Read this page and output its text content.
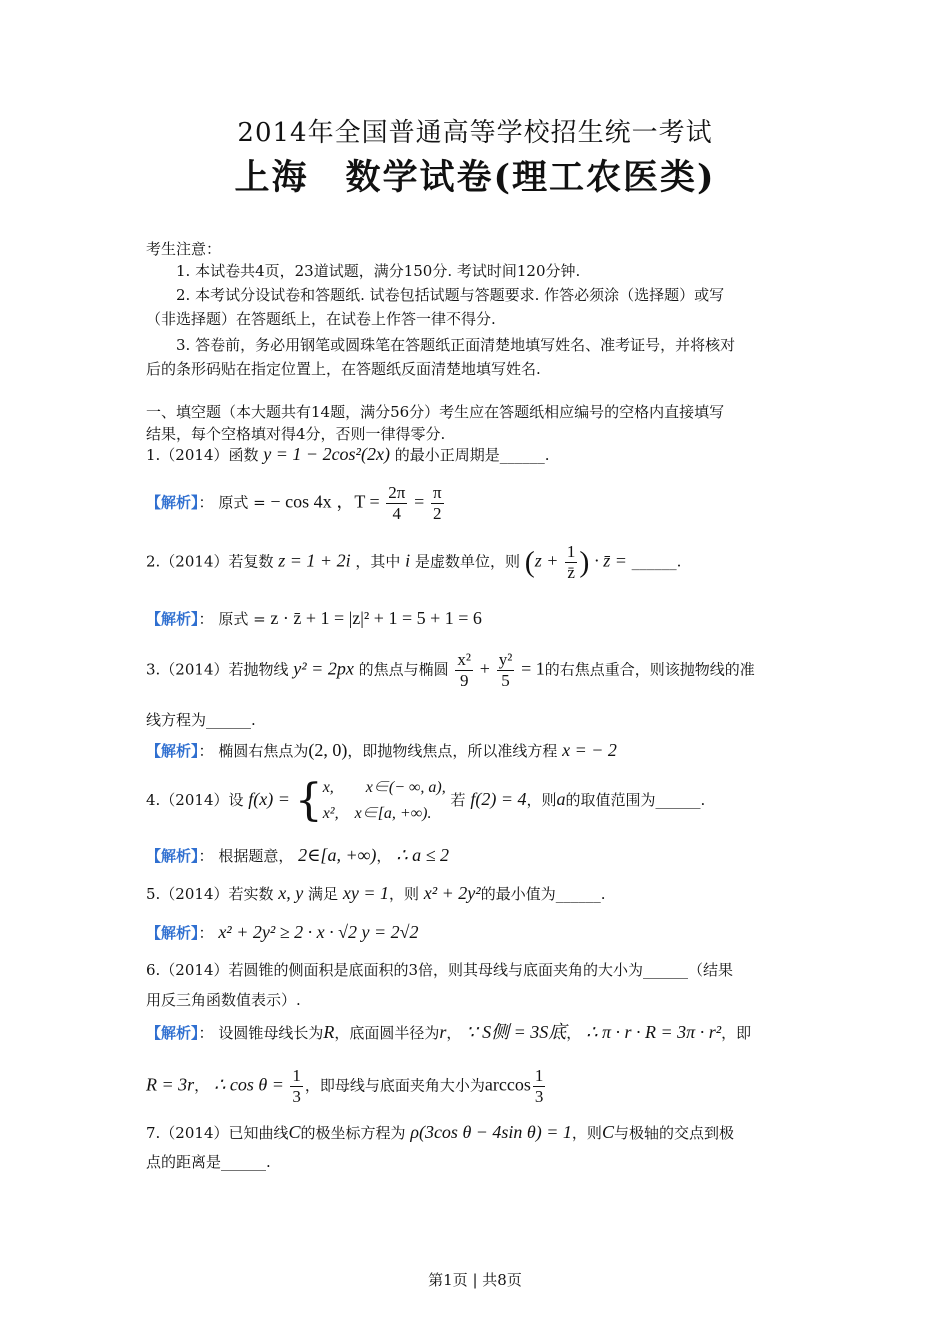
2014年全国普通高等学校招生统一考试
上海　数学试卷(理工农医类)
考生注意：
1. 本试卷共4页，23道试题，满分150分. 考试时间120分钟.
2. 本考试分设试卷和答题纸. 试卷包括试题与答题要求. 作答必须涂（选择题）或写
（非选择题）在答题纸上，在试卷上作答一律不得分.
3. 答卷前，务必用钢笔或圆珠笔在答题纸正面清楚地填写姓名、准考证号，并将核对
后的条形码贴在指定位置上，在答题纸反面清楚地填写姓名.
一、填空题（本大题共有14题，满分56分）考生应在答题纸相应编号的空格内直接填写
结果，每个空格填对得4分，否则一律得零分.
1.（2014）函数 y = 1 − 2cos²(2x) 的最小正周期是______.
【解析】： 原式 = − cos 4x ，$T = \frac{2\pi}{4} = \frac{\pi}{2}$
2.（2014）若复数 z = 1 + 2i ，其中 i 是虚数单位，则 ($z + \frac{1}{z̄}$ ) · z̄ = ______.
【解析】： 原式 = z · z̄ + 1 = |z|² + 1 = 5 + 1 = 6
3.（2014）若抛物线 y² = 2px 的焦点与椭圆 $\frac{\text{x²}}{9} + \frac{\text{y²}}{5} = 1$的右焦点重合，则该抛物线的准
线方程为______.
【解析】： 椭圆右焦点为(2, 0)，即抛物线焦点，所以准线方程 x = − 2
4.（2014）设 f(x) = { x,　　x∈(− ∞, a),
x²,　x∈[a, +∞).
若 f(2) = 4，则a的取值范围为______.
【解析】： 根据题意， 2∈[a, +∞)， ∴ a ≤ 2
5.（2014）若实数 x, y 满足 xy = 1，则 x² + 2y²的最小值为______.
【解析】： x² + 2y² ≥ 2 · x · √2 y = 2√2
6.（2014）若圆锥的侧面积是底面积的3倍，则其母线与底面夹角的大小为______（结果
用反三角函数值表示）.
【解析】： 设圆锥母线长为R，底面圆半径为r， ∵ S侧 = 3S底， ∴ π · r · R = 3π · r²，即
R = 3r， ∴ $\cos \theta = \frac{1}{3}$ ，即母线与底面夹角大小为$\arccos \frac{1}{3}$
7.（2014）已知曲线C的极坐标方程为 ρ(3cos θ − 4sin θ) = 1，则C与极轴的交点到极
点的距离是______.
第1页 | 共8页
